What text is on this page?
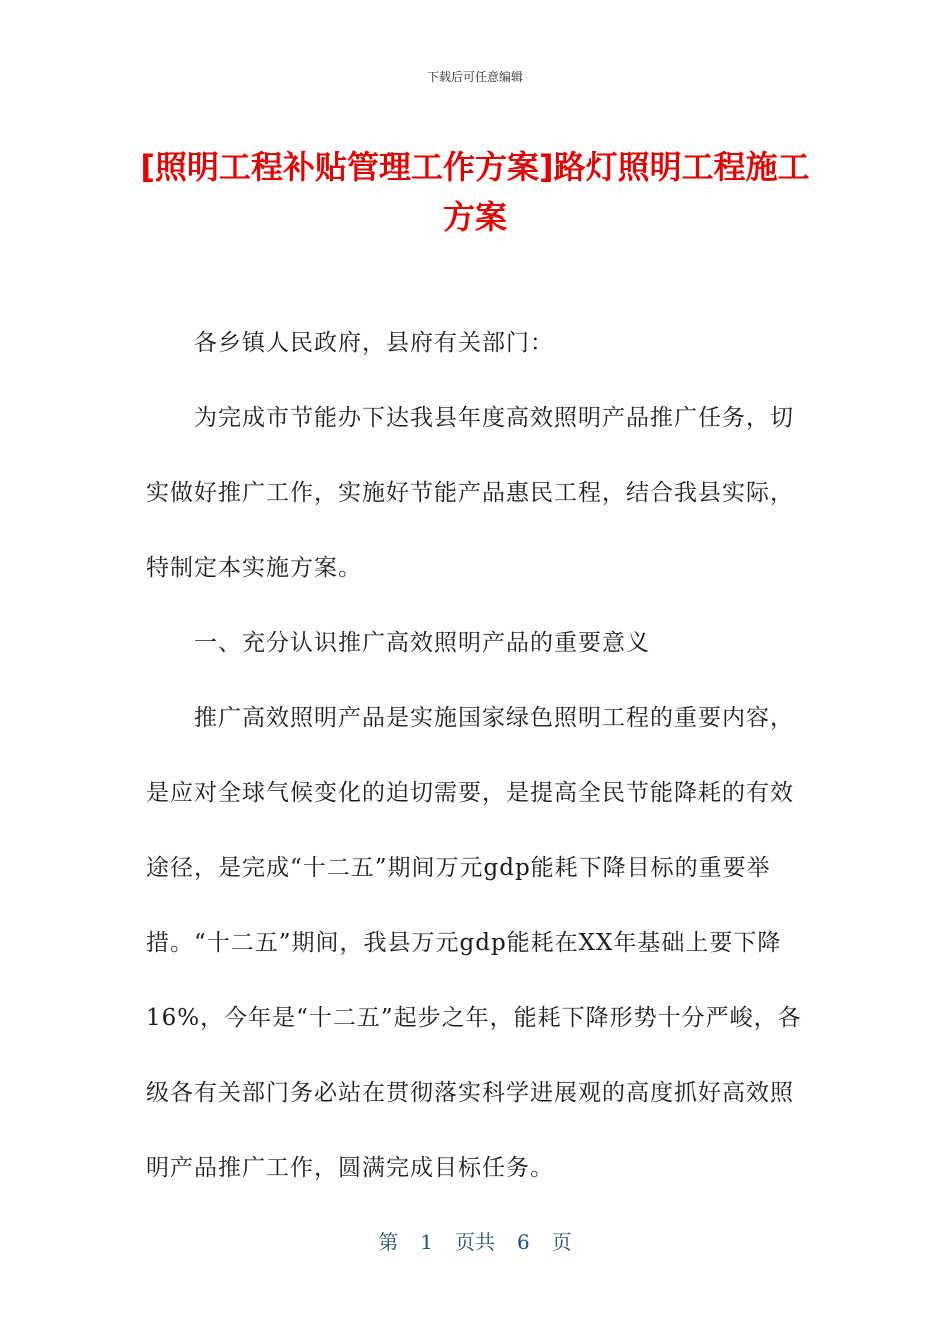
下载后可任意编辑
[照明工程补贴管理工作方案]路灯照明工程施工方案

各乡镇人民政府，县府有关部门：

为完成市节能办下达我县年度高效照明产品推广任务，切实做好推广工作，实施好节能产品惠民工程，结合我县实际，特制定本实施方案。

一、充分认识推广高效照明产品的重要意义

推广高效照明产品是实施国家绿色照明工程的重要内容，是应对全球气候变化的迫切需要，是提高全民节能降耗的有效途径，是完成“十二五”期间万元gdp能耗下降目标的重要举措。“十二五”期间，我县万元gdp能耗在XX年基础上要下降16%，今年是“十二五”起步之年，能耗下降形势十分严峻，各级各有关部门务必站在贯彻落实科学进展观的高度抓好高效照明产品推广工作，圆满完成目标任务。

第 1 页共 6 页
